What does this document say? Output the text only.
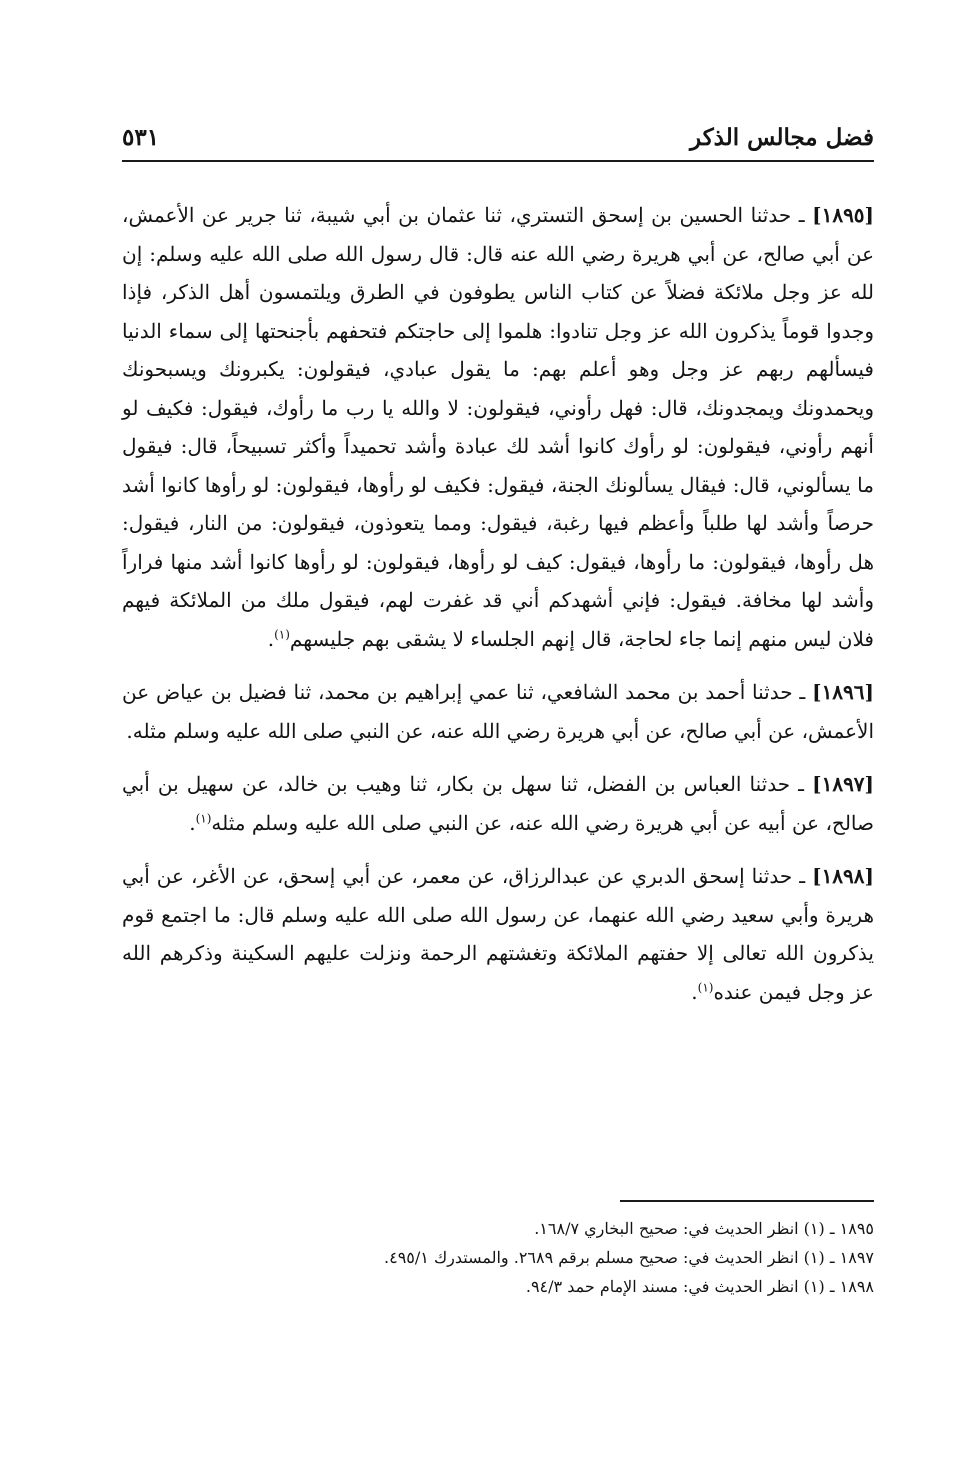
فضل مجالس الذكر
٥٣١

[١٨٩٥] ـ حدثنا الحسين بن إسحق التستري، ثنا عثمان بن أبي شيبة، ثنا جرير عن الأعمش، عن أبي صالح، عن أبي هريرة رضي الله عنه قال: قال رسول الله صلى الله عليه وسلم: إن لله عز وجل ملائكة فضلاً عن كتاب الناس يطوفون في الطرق ويلتمسون أهل الذكر، فإذا وجدوا قوماً يذكرون الله عز وجل تنادوا: هلموا إلى حاجتكم فتحفهم بأجنحتها إلى سماء الدنيا فيسألهم ربهم عز وجل وهو أعلم بهم: ما يقول عبادي، فيقولون: يكبرونك ويسبحونك ويحمدونك ويمجدونك، قال: فهل رأوني، فيقولون: لا والله يا رب ما رأوك، فيقول: فكيف لو أنهم رأوني، فيقولون: لو رأوك كانوا أشد لك عبادة وأشد تحميداً وأكثر تسبيحاً، قال: فيقول ما يسألوني، قال: فيقال يسألونك الجنة، فيقول: فكيف لو رأوها، فيقولون: لو رأوها كانوا أشد حرصاً وأشد لها طلباً وأعظم فيها رغبة، فيقول: ومما يتعوذون، فيقولون: من النار، فيقول: هل رأوها، فيقولون: ما رأوها، فيقول: كيف لو رأوها، فيقولون: لو رأوها كانوا أشد منها فراراً وأشد لها مخافة. فيقول: فإني أشهدكم أني قد غفرت لهم، فيقول ملك من الملائكة فيهم فلان ليس منهم إنما جاء لحاجة، قال إنهم الجلساء لا يشقى بهم جليسهم$^{(١)}$.

[١٨٩٦] ـ حدثنا أحمد بن محمد الشافعي، ثنا عمي إبراهيم بن محمد، ثنا فضيل بن عياض عن الأعمش، عن أبي صالح، عن أبي هريرة رضي الله عنه، عن النبي صلى الله عليه وسلم مثله.

[١٨٩٧] ـ حدثنا العباس بن الفضل، ثنا سهل بن بكار، ثنا وهيب بن خالد، عن سهيل بن أبي صالح، عن أبيه عن أبي هريرة رضي الله عنه، عن النبي صلى الله عليه وسلم مثله$^{(١)}$.

[١٨٩٨] ـ حدثنا إسحق الدبري عن عبدالرزاق، عن معمر، عن أبي إسحق، عن الأغر، عن أبي هريرة وأبي سعيد رضي الله عنهما، عن رسول الله صلى الله عليه وسلم قال: ما اجتمع قوم يذكرون الله تعالى إلا حفتهم الملائكة وتغشتهم الرحمة ونزلت عليهم السكينة وذكرهم الله عز وجل فيمن عنده$^{(١)}$.

١٨٩٥ ـ (١) انظر الحديث في: صحيح البخاري ١٦٨/٧.
١٨٩٧ ـ (١) انظر الحديث في: صحيح مسلم برقم ٢٦٨٩. والمستدرك ٤٩٥/١.
١٨٩٨ ـ (١) انظر الحديث في: مسند الإمام حمد ٩٤/٣.
